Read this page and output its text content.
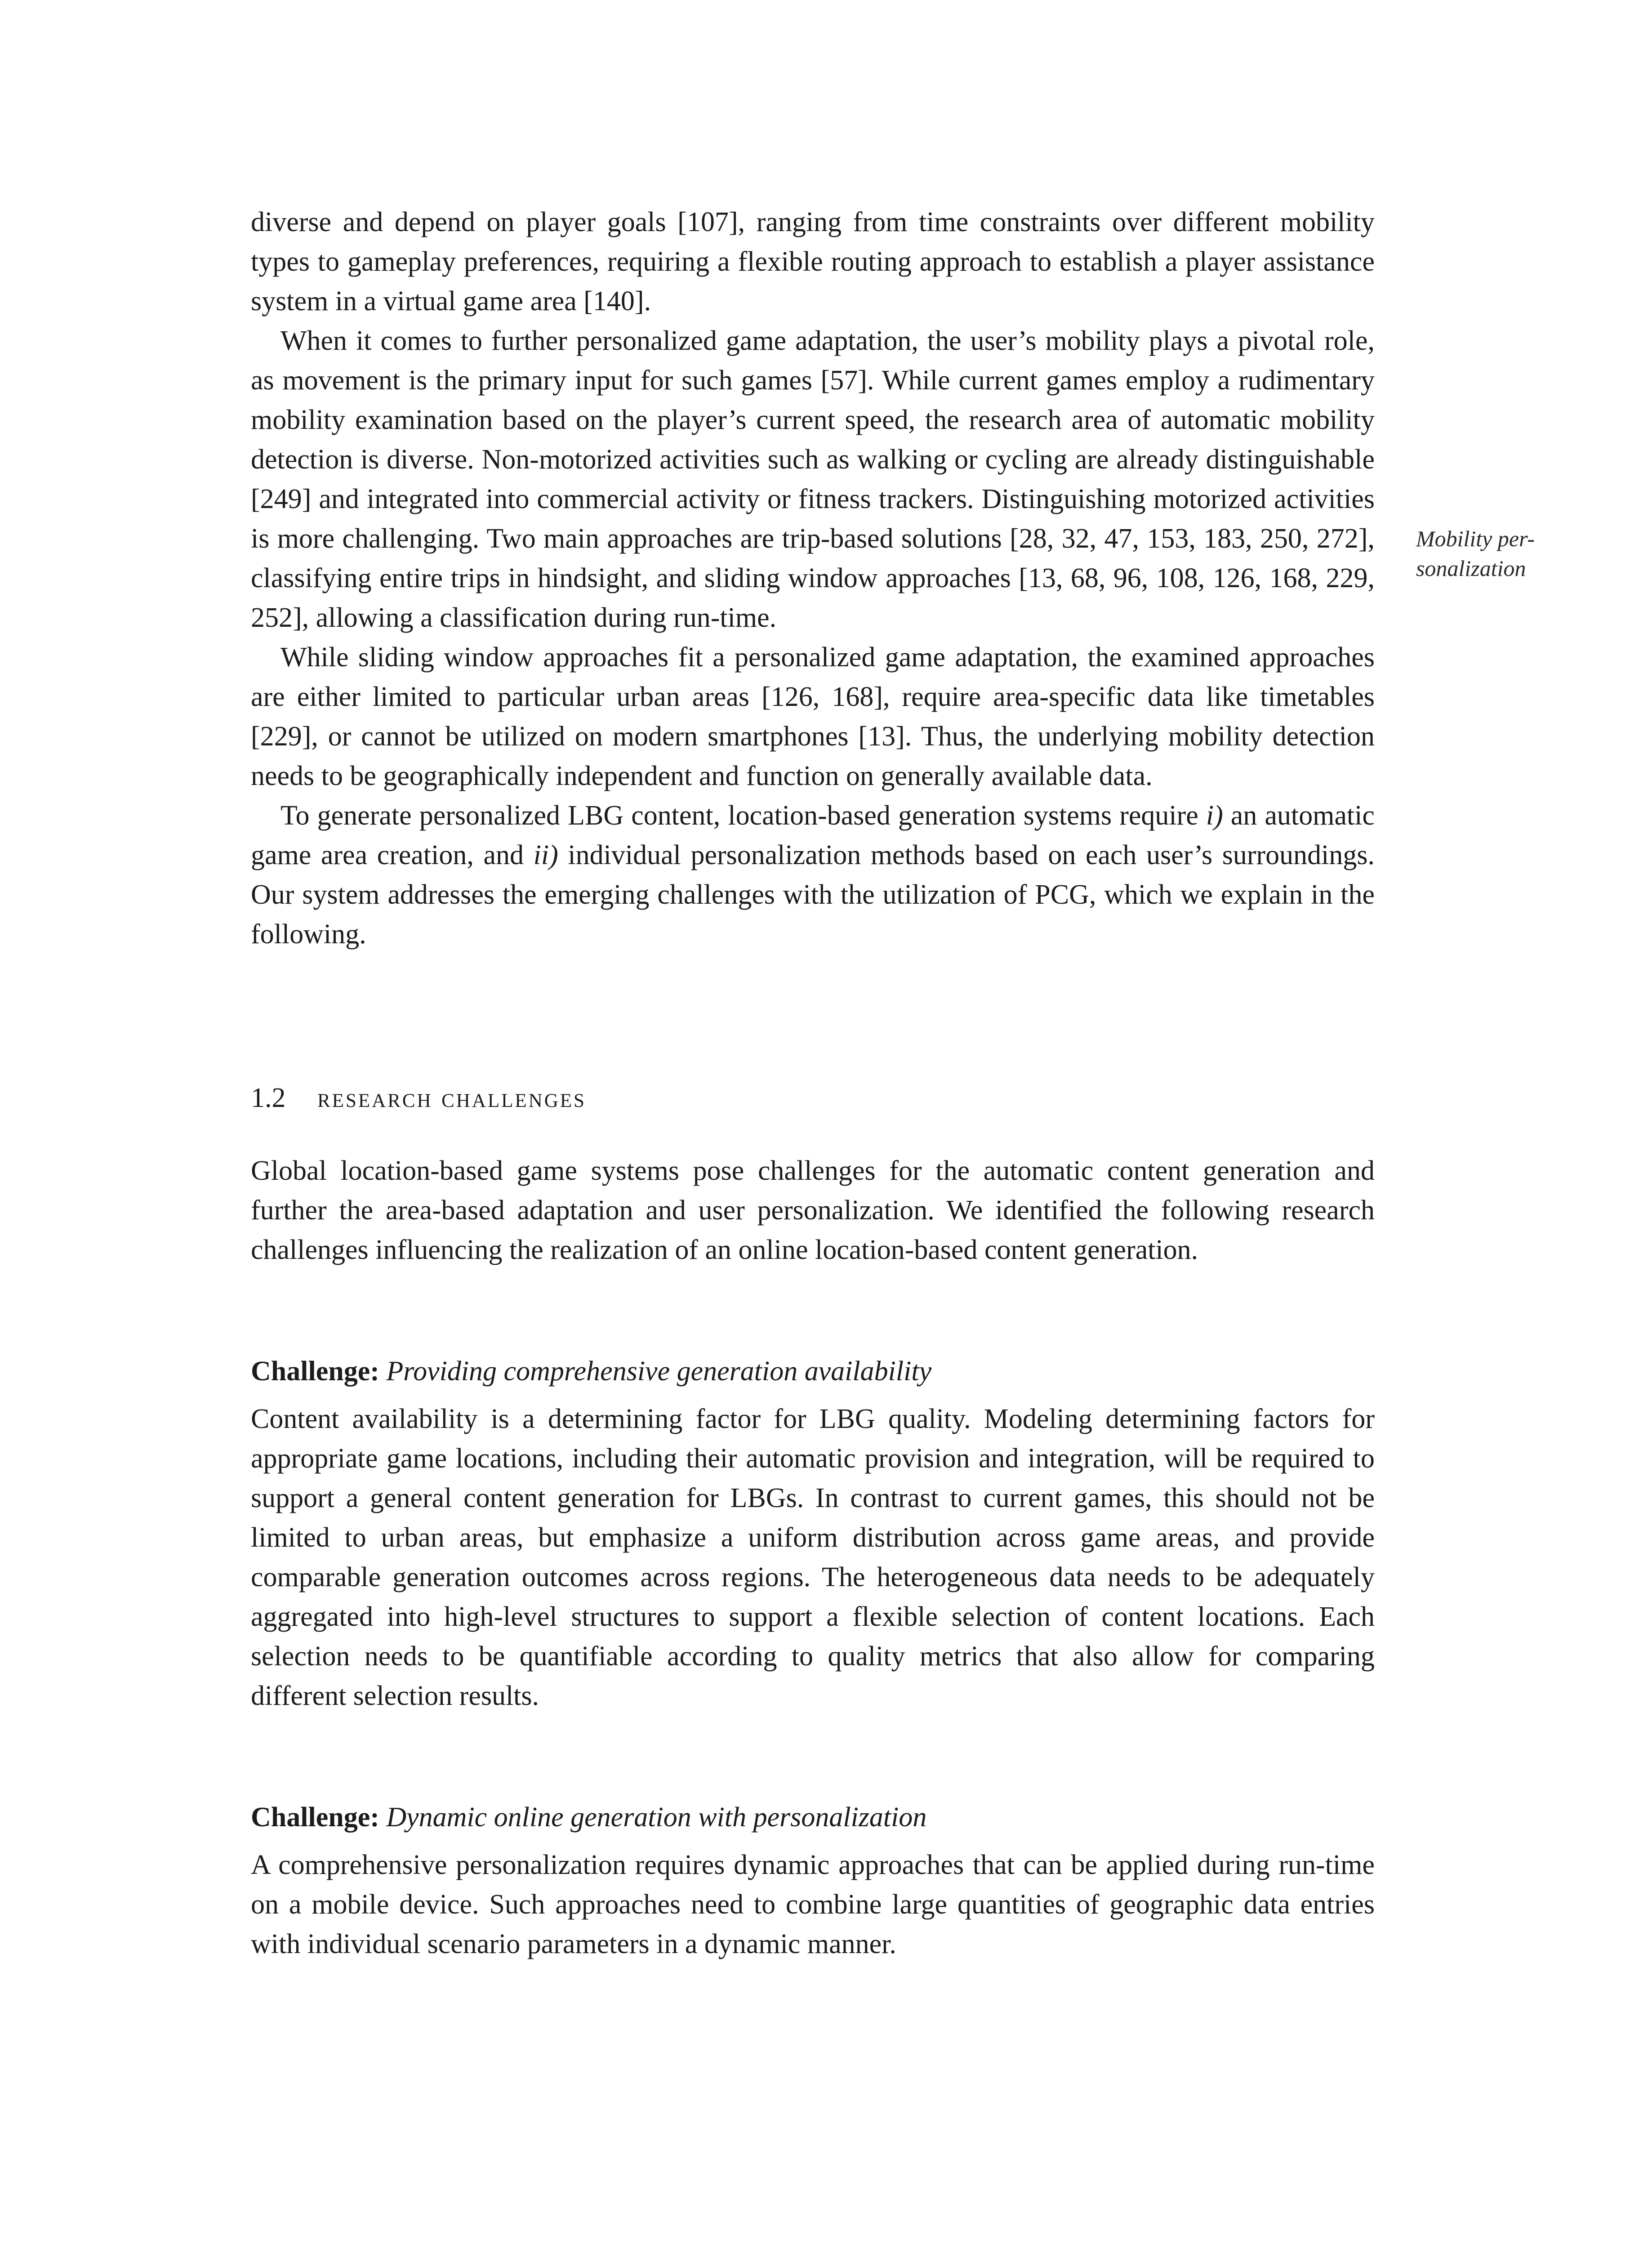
diverse and depend on player goals [107], ranging from time constraints over different mobility types to gameplay preferences, requiring a flexible routing approach to establish a player assistance system in a virtual game area [140].

When it comes to further personalized game adaptation, the user’s mobility plays a pivotal role, as movement is the primary input for such games [57]. While current games employ a rudimentary mobility examination based on the player’s current speed, the research area of automatic mobility detection is diverse. Non-motorized activities such as walking or cycling are already distinguishable [249] and integrated into commercial activity or fitness trackers. Distinguishing motorized activities is more challenging. Two main approaches are trip-based solutions [28, 32, 47, 153, 183, 250, 272], classifying entire trips in hindsight, and sliding window approaches [13, 68, 96, 108, 126, 168, 229, 252], allowing a classification during run-time.

While sliding window approaches fit a personalized game adaptation, the examined approaches are either limited to particular urban areas [126, 168], require area-specific data like timetables [229], or cannot be utilized on modern smartphones [13]. Thus, the underlying mobility detection needs to be geographically independent and function on generally available data.

To generate personalized LBG content, location-based generation systems require i) an automatic game area creation, and ii) individual personalization methods based on each user’s surroundings. Our system addresses the emerging challenges with the utilization of PCG, which we explain in the following.

Mobility per-
sonalization
1.2 research challenges

Global location-based game systems pose challenges for the automatic content generation and further the area-based adaptation and user personalization. We identified the following research challenges influencing the realization of an online location-based content generation.

Challenge: Providing comprehensive generation availability

Content availability is a determining factor for LBG quality. Modeling determining factors for appropriate game locations, including their automatic provision and integration, will be required to support a general content generation for LBGs. In contrast to current games, this should not be limited to urban areas, but emphasize a uniform distribution across game areas, and provide comparable generation outcomes across regions. The heterogeneous data needs to be adequately aggregated into high-level structures to support a flexible selection of content locations. Each selection needs to be quantifiable according to quality metrics that also allow for comparing different selection results.

Challenge: Dynamic online generation with personalization

A comprehensive personalization requires dynamic approaches that can be applied during run-time on a mobile device. Such approaches need to combine large quantities of geographic data entries with individual scenario parameters in a dynamic manner.
